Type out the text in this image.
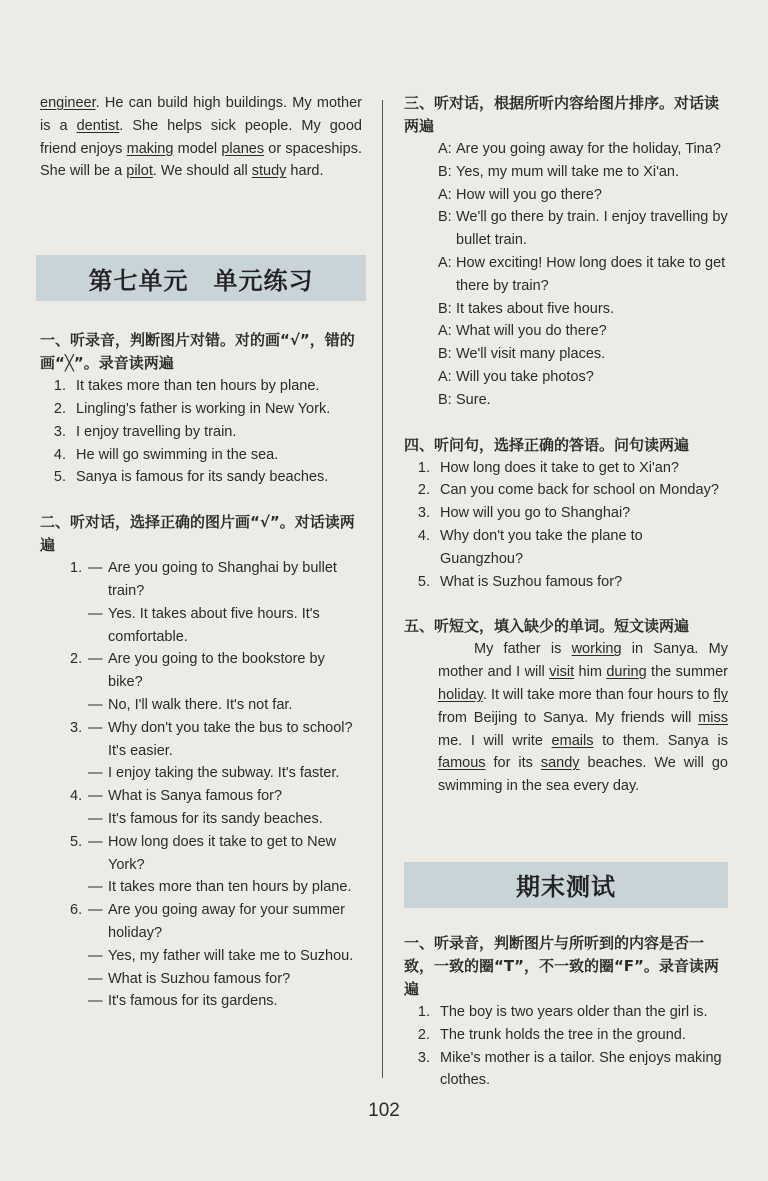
engineer. He can build high buildings. My mother is a dentist. She helps sick people. My good friend enjoys making model planes or spaceships. She will be a pilot. We should all study hard.

第七单元　单元练习

一、听录音，判断图片对错。对的画“√”，错的画“╳”。录音读两遍

1. It takes more than ten hours by plane.
2. Lingling's father is working in New York.
3. I enjoy travelling by train.
4. He will go swimming in the sea.
5. Sanya is famous for its sandy beaches.

二、听对话，选择正确的图片画“√”。对话读两遍

1. — Are you going to Shanghai by bullet train?
— Yes. It takes about five hours. It's comfortable.
2. — Are you going to the bookstore by bike?
— No, I'll walk there. It's not far.
3. — Why don't you take the bus to school? It's easier.
— I enjoy taking the subway. It's faster.
4. — What is Sanya famous for?
— It's famous for its sandy beaches.
5. — How long does it take to get to New York?
— It takes more than ten hours by plane.
6. — Are you going away for your summer holiday?
— Yes, my father will take me to Suzhou.
— What is Suzhou famous for?
— It's famous for its gardens.

三、听对话，根据所听内容给图片排序。对话读两遍

A: Are you going away for the holiday, Tina?
B: Yes, my mum will take me to Xi'an.
A: How will you go there?
B: We'll go there by train. I enjoy travelling by bullet train.
A: How exciting! How long does it take to get there by train?
B: It takes about five hours.
A: What will you do there?
B: We'll visit many places.
A: Will you take photos?
B: Sure.

四、听问句，选择正确的答语。问句读两遍

1. How long does it take to get to Xi'an?
2. Can you come back for school on Monday?
3. How will you go to Shanghai?
4. Why don't you take the plane to Guangzhou?
5. What is Suzhou famous for?

五、听短文，填入缺少的单词。短文读两遍

My father is working in Sanya. My mother and I will visit him during the summer holiday. It will take more than four hours to fly from Beijing to Sanya. My friends will miss me. I will write emails to them. Sanya is famous for its sandy beaches. We will go swimming in the sea every day.

期末测试

一、听录音，判断图片与所听到的内容是否一致，一致的圈“T”，不一致的圈“F”。录音读两遍

1. The boy is two years older than the girl is.
2. The trunk holds the tree in the ground.
3. Mike's mother is a tailor. She enjoys making clothes.
102
